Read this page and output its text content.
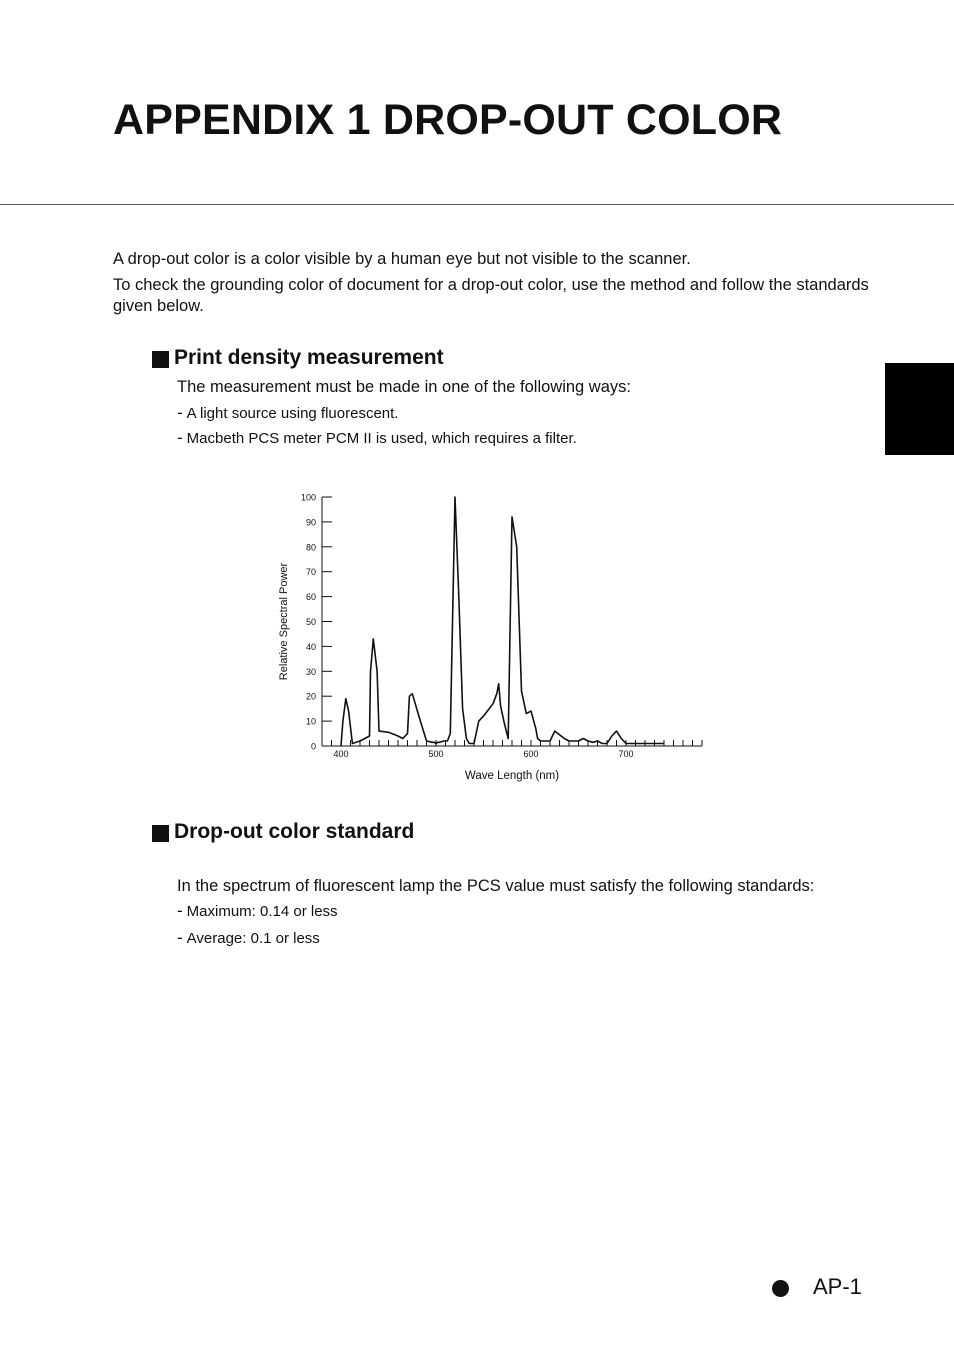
APPENDIX 1 DROP-OUT COLOR

A drop-out color is a color visible by a human eye but not visible to the scanner.

To check the grounding color of document for a drop-out color, use the method and follow the standards given below.

Print density measurement

The measurement must be made in one of the following ways:

- A light source using fluorescent.

- Macbeth PCS meter PCM II is used, which requires a filter.

0
10
20
30
40
50
60
70
80
90
100
400	500	600	700
Wave Length (nm)
Relative Spectral Power
Drop-out color standard

In the spectrum of fluorescent lamp the PCS value must satisfy the following standards:

- Maximum: 0.14 or less

- Average: 0.1 or less

AP-1
